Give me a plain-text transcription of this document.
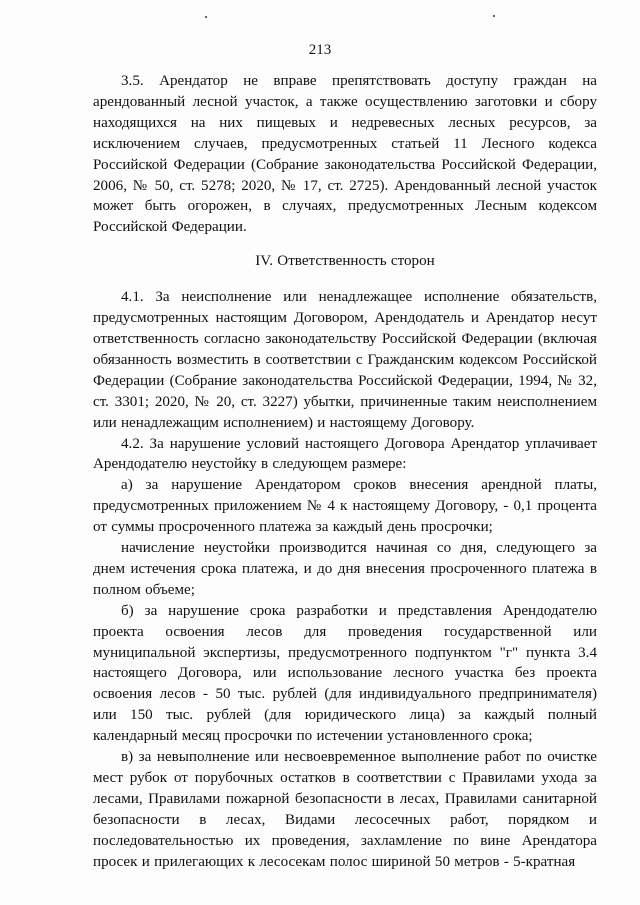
213

3.5. Арендатор не вправе препятствовать доступу граждан на арендованный лесной участок, а также осуществлению заготовки и сбору находящихся на них пищевых и недревесных лесных ресурсов, за исключением случаев, предусмотренных статьей 11 Лесного кодекса Российской Федерации (Собрание законодательства Российской Федерации, 2006, № 50, ст. 5278; 2020, № 17, ст. 2725). Арендованный лесной участок может быть огорожен, в случаях, предусмотренных Лесным кодексом Российской Федерации.

IV. Ответственность сторон

4.1. За неисполнение или ненадлежащее исполнение обязательств, предусмотренных настоящим Договором, Арендодатель и Арендатор несут ответственность согласно законодательству Российской Федерации (включая обязанность возместить в соответствии с Гражданским кодексом Российской Федерации (Собрание законодательства Российской Федерации, 1994, № 32, ст. 3301; 2020, № 20, ст. 3227) убытки, причиненные таким неисполнением или ненадлежащим исполнением) и настоящему Договору.

4.2. За нарушение условий настоящего Договора Арендатор уплачивает Арендодателю неустойку в следующем размере:

а) за нарушение Арендатором сроков внесения арендной платы, предусмотренных приложением № 4 к настоящему Договору, - 0,1 процента от суммы просроченного платежа за каждый день просрочки;

начисление неустойки производится начиная со дня, следующего за днем истечения срока платежа, и до дня внесения просроченного платежа в полном объеме;

б) за нарушение срока разработки и представления Арендодателю проекта освоения лесов для проведения государственной или муниципальной экспертизы, предусмотренного подпунктом "г" пункта 3.4 настоящего Договора, или использование лесного участка без проекта освоения лесов - 50 тыс. рублей (для индивидуального предпринимателя) или 150 тыс. рублей (для юридического лица) за каждый полный календарный месяц просрочки по истечении установленного срока;

в) за невыполнение или несвоевременное выполнение работ по очистке мест рубок от порубочных остатков в соответствии с Правилами ухода за лесами, Правилами пожарной безопасности в лесах, Правилами санитарной безопасности в лесах, Видами лесосечных работ, порядком и последовательностью их проведения, захламление по вине Арендатора просек и прилегающих к лесосекам полос шириной 50 метров - 5-кратная
